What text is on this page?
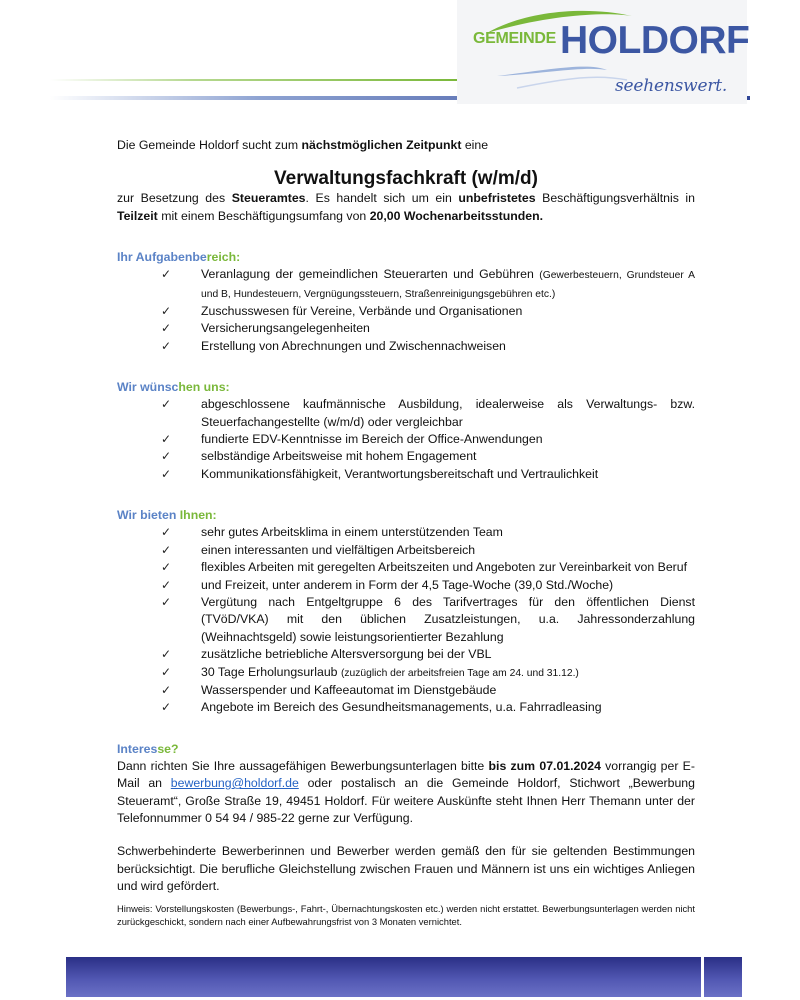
GEMEINDE HOLDORF
seehenswert.

Die Gemeinde Holdorf sucht zum nächstmöglichen Zeitpunkt eine

Verwaltungsfachkraft (w/m/d)

zur Besetzung des Steueramtes. Es handelt sich um ein unbefristetes Beschäftigungsverhältnis in Teilzeit mit einem Beschäftigungsumfang von 20,00 Wochenarbeitsstunden.

Ihr Aufgabenbereich:

✓ Veranlagung der gemeindlichen Steuerarten und Gebühren (Gewerbesteuern, Grundsteuer A und B, Hundesteuern, Vergnügungssteuern, Straßenreinigungsgebühren etc.)
✓ Zuschusswesen für Vereine, Verbände und Organisationen
✓ Versicherungsangelegenheiten
✓ Erstellung von Abrechnungen und Zwischennachweisen

Wir wünschen uns:

✓ abgeschlossene kaufmännische Ausbildung, idealerweise als Verwaltungs- bzw. Steuerfachangestellte (w/m/d) oder vergleichbar
✓ fundierte EDV-Kenntnisse im Bereich der Office-Anwendungen
✓ selbständige Arbeitsweise mit hohem Engagement
✓ Kommunikationsfähigkeit, Verantwortungsbereitschaft und Vertraulichkeit

Wir bieten Ihnen:

✓ sehr gutes Arbeitsklima in einem unterstützenden Team
✓ einen interessanten und vielfältigen Arbeitsbereich
✓ flexibles Arbeiten mit geregelten Arbeitszeiten und Angeboten zur Vereinbarkeit von Beruf
✓ und Freizeit, unter anderem in Form der 4,5 Tage-Woche (39,0 Std./Woche)
✓ Vergütung nach Entgeltgruppe 6 des Tarifvertrages für den öffentlichen Dienst (TVöD/VKA) mit den üblichen Zusatzleistungen, u.a. Jahressonderzahlung (Weihnachtsgeld) sowie leistungsorientierter Bezahlung
✓ zusätzliche betriebliche Altersversorgung bei der VBL
✓ 30 Tage Erholungsurlaub (zuzüglich der arbeitsfreien Tage am 24. und 31.12.)
✓ Wasserspender und Kaffeeautomat im Dienstgebäude
✓ Angebote im Bereich des Gesundheitsmanagements, u.a. Fahrradleasing

Interesse?

Dann richten Sie Ihre aussagefähigen Bewerbungsunterlagen bitte bis zum 07.01.2024 vorrangig per E-Mail an bewerbung@holdorf.de oder postalisch an die Gemeinde Holdorf, Stichwort „Bewerbung Steueramt“, Große Straße 19, 49451 Holdorf. Für weitere Auskünfte steht Ihnen Herr Themann unter der Telefonnummer 0 54 94 / 985-22 gerne zur Verfügung.

Schwerbehinderte Bewerberinnen und Bewerber werden gemäß den für sie geltenden Bestimmungen berücksichtigt. Die berufliche Gleichstellung zwischen Frauen und Männern ist uns ein wichtiges Anliegen und wird gefördert.

Hinweis: Vorstellungskosten (Bewerbungs-, Fahrt-, Übernachtungskosten etc.) werden nicht erstattet. Bewerbungsunterlagen werden nicht zurückgeschickt, sondern nach einer Aufbewahrungsfrist von 3 Monaten vernichtet.
